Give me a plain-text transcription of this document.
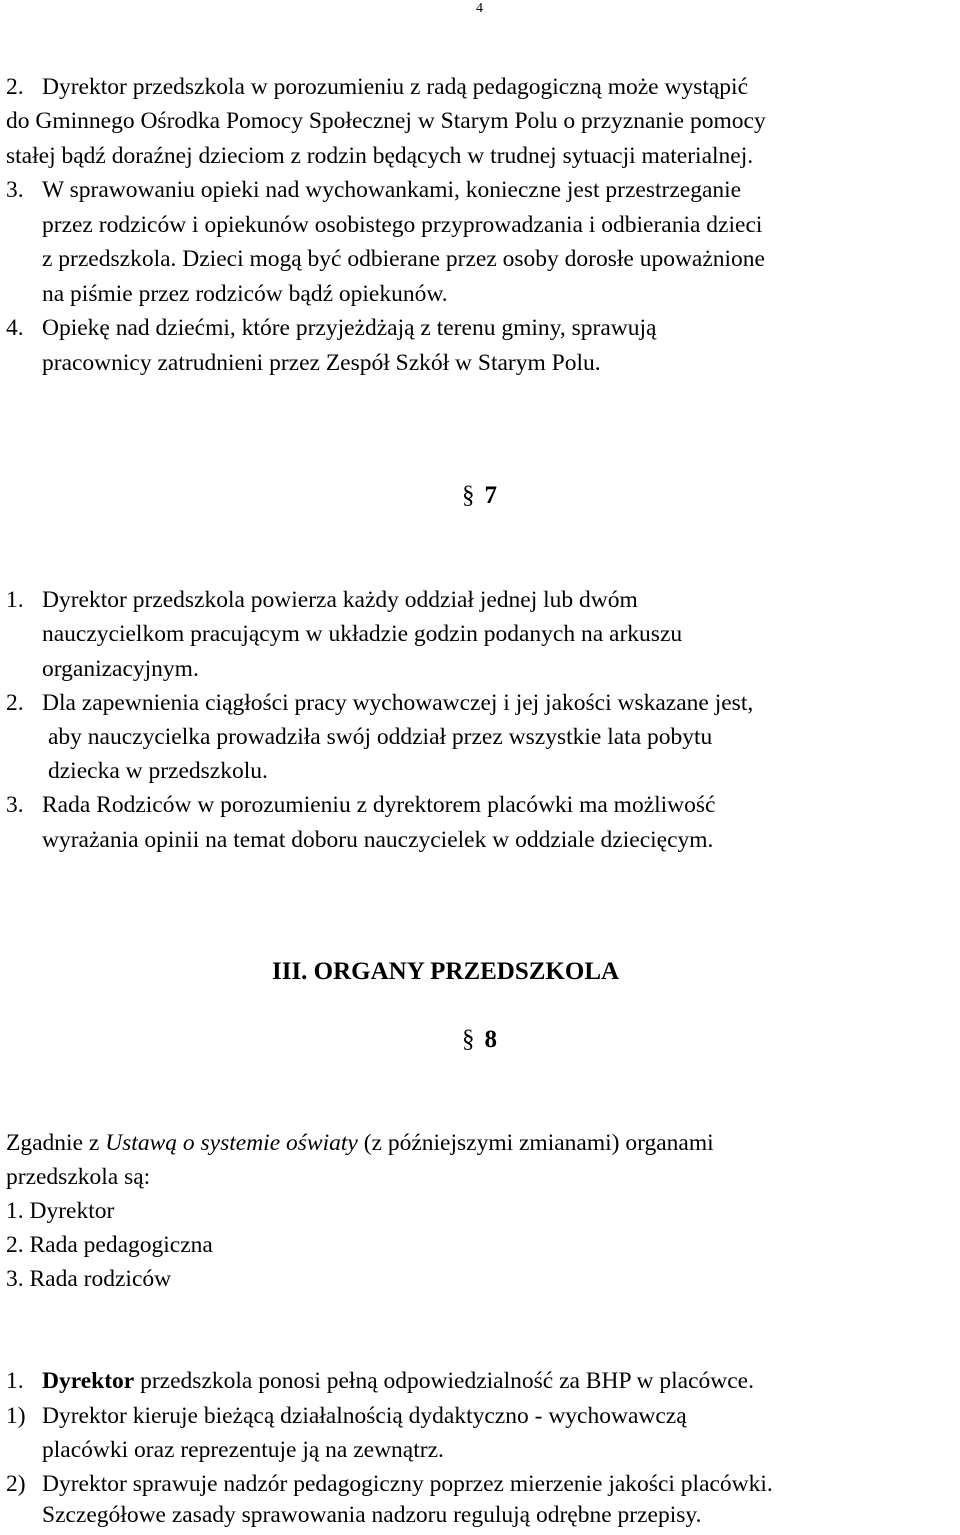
4
2. Dyrektor przedszkola w porozumieniu z radą pedagogiczną może wystąpić
do Gminnego Ośrodka Pomocy Społecznej w Starym Polu o przyznanie pomocy
stałej bądź doraźnej dzieciom z rodzin będących w trudnej sytuacji materialnej.
3. W sprawowaniu opieki nad wychowankami, konieczne jest przestrzeganie
przez rodziców i opiekunów osobistego przyprowadzania i odbierania dzieci
z przedszkola. Dzieci mogą być odbierane przez osoby dorosłe upoważnione
na piśmie przez rodziców bądź opiekunów.
4. Opiekę nad dziećmi, które przyjeżdżają z terenu gminy, sprawują
pracownicy zatrudnieni przez Zespół Szkół w Starym Polu.
§ 7
1. Dyrektor przedszkola powierza każdy oddział jednej lub dwóm
nauczycielkom pracującym w układzie godzin podanych na arkuszu
organizacyjnym.
2. Dla zapewnienia ciągłości pracy wychowawczej i jej jakości wskazane jest,
aby nauczycielka prowadziła swój oddział przez wszystkie lata pobytu
dziecka w przedszkolu.
3. Rada Rodziców w porozumieniu z dyrektorem placówki ma możliwość
wyrażania opinii na temat doboru nauczycielek w oddziale dziecięcym.
III. ORGANY PRZEDSZKOLA
§ 8
Zgadnie z Ustawą o systemie oświaty (z późniejszymi zmianami) organami
przedszkola są:
1. Dyrektor
2. Rada pedagogiczna
3. Rada rodziców
1. Dyrektor przedszkola ponosi pełną odpowiedzialność za BHP w placówce.
1) Dyrektor kieruje bieżącą działalnością dydaktyczno - wychowawczą
placówki oraz reprezentuje ją na zewnątrz.
2) Dyrektor sprawuje nadzór pedagogiczny poprzez mierzenie jakości placówki.
Szczegółowe zasady sprawowania nadzoru regulują odrębne przepisy.
